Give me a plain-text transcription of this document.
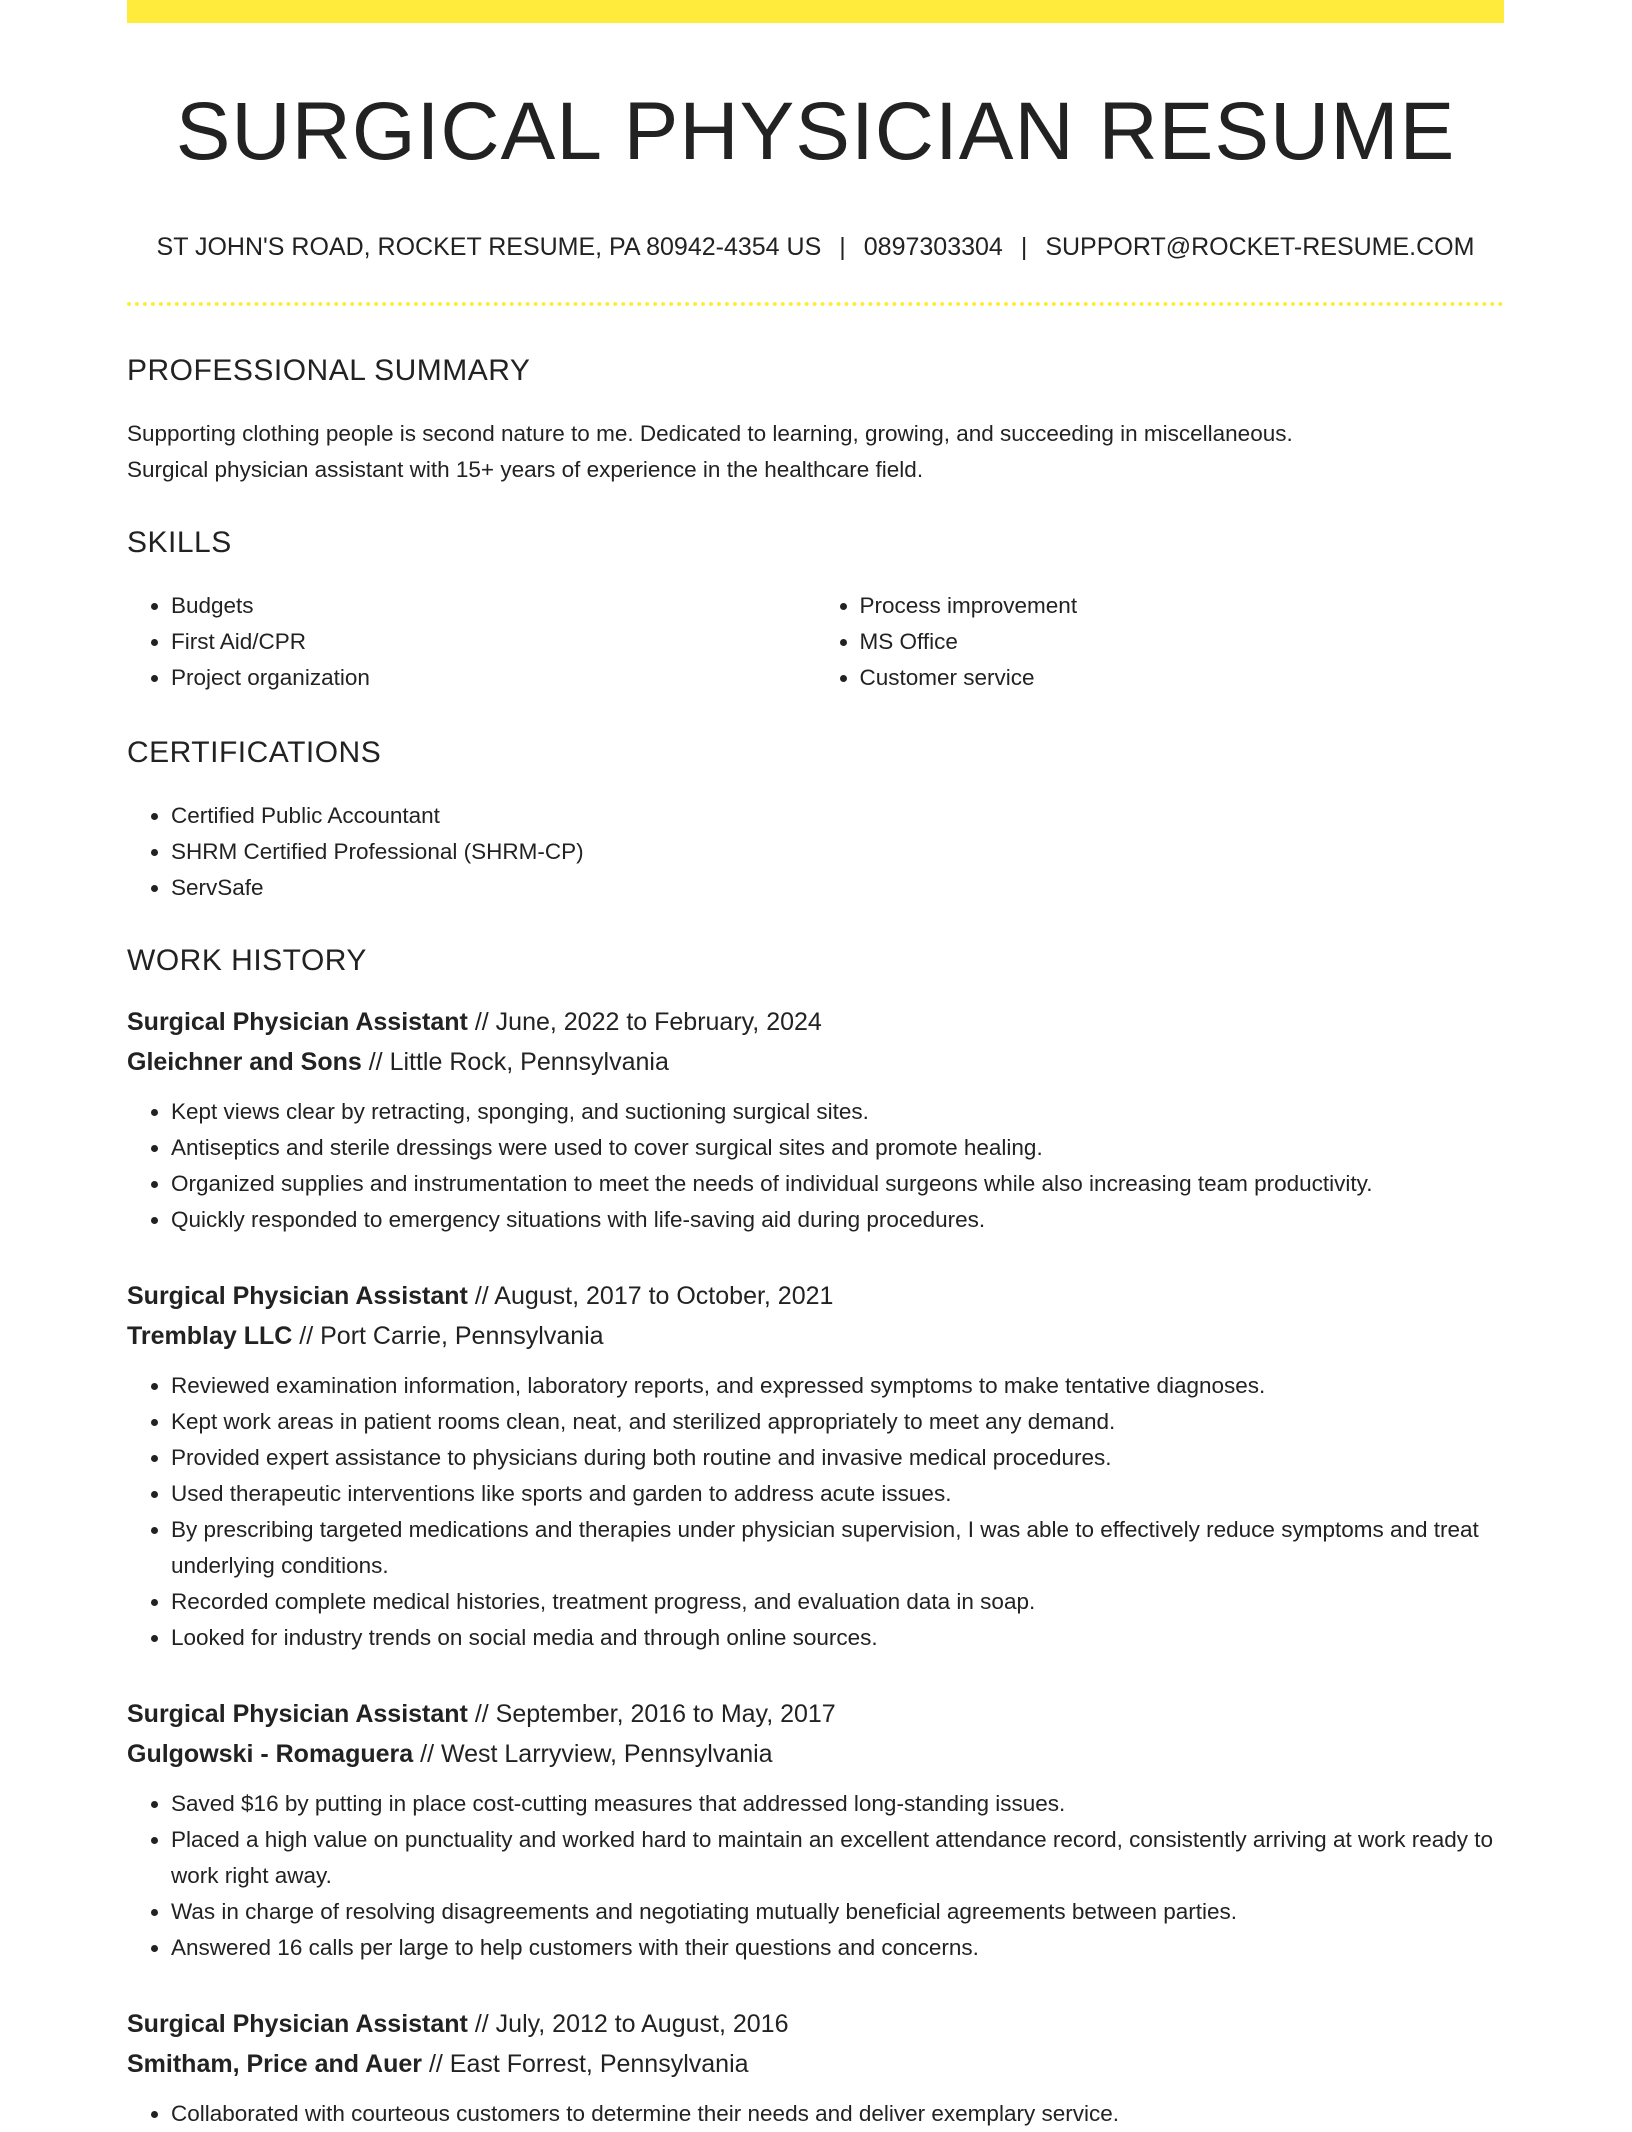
SURGICAL PHYSICIAN RESUME
ST JOHN'S ROAD, ROCKET RESUME, PA 80942-4354 US | 0897303304 | SUPPORT@ROCKET-RESUME.COM
PROFESSIONAL SUMMARY

Supporting clothing people is second nature to me. Dedicated to learning, growing, and succeeding in miscellaneous.

Surgical physician assistant with 15+ years of experience in the healthcare field.

SKILLS
• Budgets
• First Aid/CPR
• Project organization
• Process improvement
• MS Office
• Customer service
CERTIFICATIONS
• Certified Public Accountant
• SHRM Certified Professional (SHRM-CP)
• ServSafe
WORK HISTORY
Surgical Physician Assistant // June, 2022 to February, 2024
Gleichner and Sons // Little Rock, Pennsylvania
• Kept views clear by retracting, sponging, and suctioning surgical sites.
• Antiseptics and sterile dressings were used to cover surgical sites and promote healing.
• Organized supplies and instrumentation to meet the needs of individual surgeons while also increasing team productivity.
• Quickly responded to emergency situations with life-saving aid during procedures.
Surgical Physician Assistant // August, 2017 to October, 2021
Tremblay LLC // Port Carrie, Pennsylvania
• Reviewed examination information, laboratory reports, and expressed symptoms to make tentative diagnoses.
• Kept work areas in patient rooms clean, neat, and sterilized appropriately to meet any demand.
• Provided expert assistance to physicians during both routine and invasive medical procedures.
• Used therapeutic interventions like sports and garden to address acute issues.
• By prescribing targeted medications and therapies under physician supervision, I was able to effectively reduce symptoms and treat underlying conditions.
• Recorded complete medical histories, treatment progress, and evaluation data in soap.
• Looked for industry trends on social media and through online sources.
Surgical Physician Assistant // September, 2016 to May, 2017
Gulgowski - Romaguera // West Larryview, Pennsylvania
• Saved $16 by putting in place cost-cutting measures that addressed long-standing issues.
• Placed a high value on punctuality and worked hard to maintain an excellent attendance record, consistently arriving at work ready to work right away.
• Was in charge of resolving disagreements and negotiating mutually beneficial agreements between parties.
• Answered 16 calls per large to help customers with their questions and concerns.
Surgical Physician Assistant // July, 2012 to August, 2016
Smitham, Price and Auer // East Forrest, Pennsylvania
• Collaborated with courteous customers to determine their needs and deliver exemplary service.
